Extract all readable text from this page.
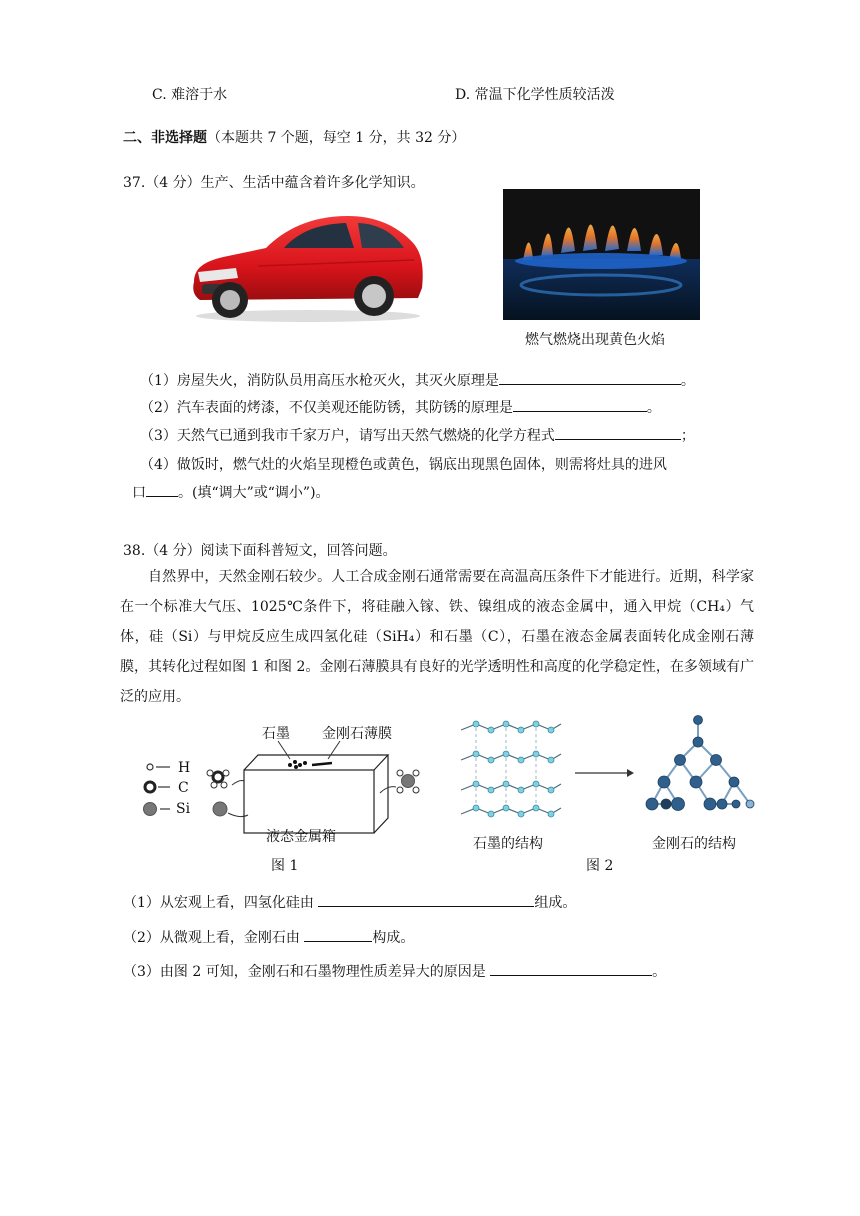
C. 难溶于水	D. 常温下化学性质较活泼
二、非选择题（本题共 7 个题，每空 1 分，共 32 分）
37.（4 分）生产、生活中蕴含着许多化学知识。
燃气燃烧出现黄色火焰
（1）房屋失火，消防队员用高压水枪灭火，其灭火原理是	。
（2）汽车表面的烤漆，不仅美观还能防锈，其防锈的原理是	。
（3）天然气已通到我市千家万户，请写出天然气燃烧的化学方程式	；
（4）做饭时，燃气灶的火焰呈现橙色或黄色，锅底出现黑色固体，则需将灶具的进风
口 。(填“调大”或“调小”)。
38.（4 分）阅读下面科普短文，回答问题。
自然界中，天然金刚石较少。人工合成金刚石通常需要在高温高压条件下才能进行。近期，科学家在一个标准大气压、1025℃条件下，将硅融入镓、铁、镍组成的液态金属中，通入甲烷（CH₄）气体，硅（Si）与甲烷反应生成四氢化硅（SiH₄）和石墨（C），石墨在液态金属表面转化成金刚石薄膜，其转化过程如图 1 和图 2。金刚石薄膜具有良好的光学透明性和高度的化学稳定性，在多领域有广泛的应用。
H
C
Si
石墨 金刚石薄膜
液态金属箱
图 1
石墨的结构	金刚石的结构
图 2
（1）从宏观上看，四氢化硅由	组成。
（2）从微观上看，金刚石由	构成。
（3）由图 2 可知，金刚石和石墨物理性质差异大的原因是	。
